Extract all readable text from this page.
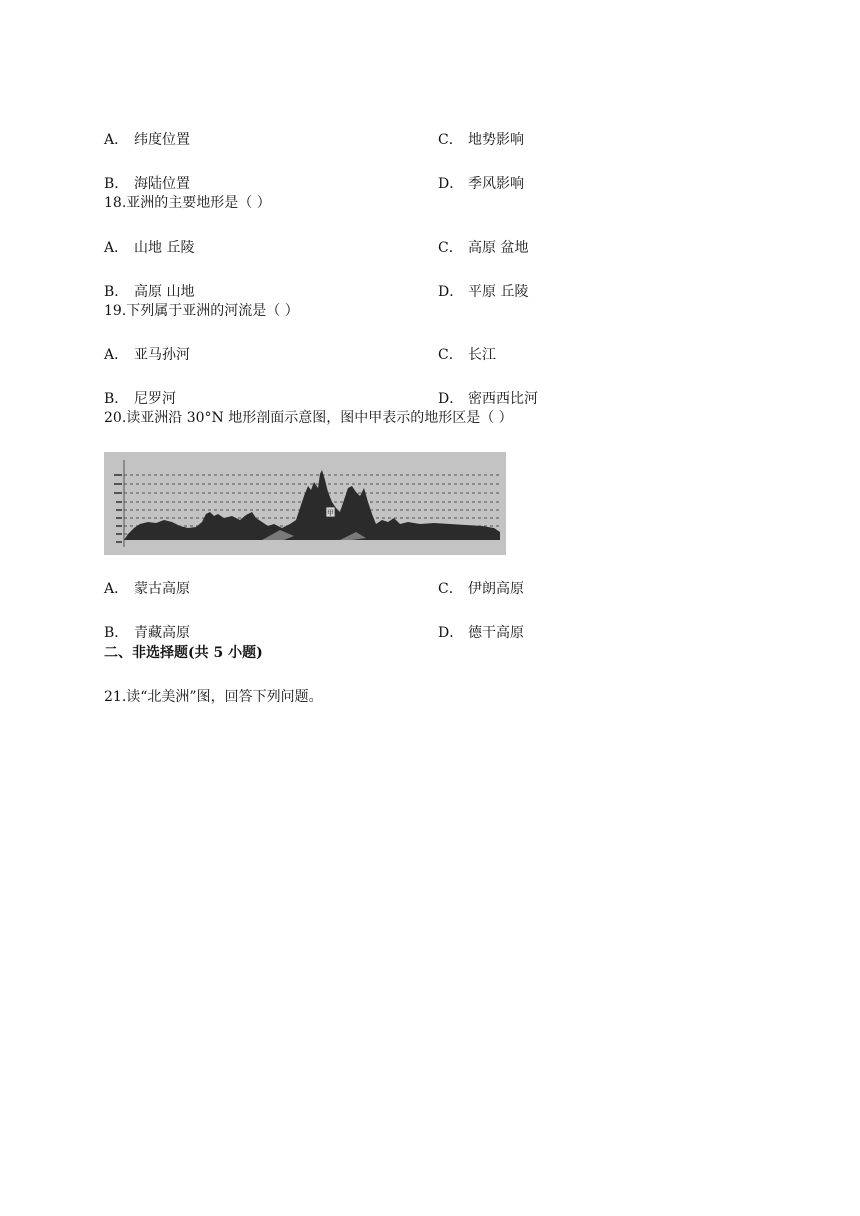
A． 纬度位置	C． 地势影响
B． 海陆位置	D． 季风影响
18.亚洲的主要地形是（ ）
A． 山地 丘陵	C． 高原 盆地
B． 高原 山地	D． 平原 丘陵
19.下列属于亚洲的河流是（ ）
A． 亚马孙河	C． 长江
B． 尼罗河	D． 密西西比河
20.读亚洲沿 30°N 地形剖面示意图，图中甲表示的地形区是（ ）
甲
A． 蒙古高原	C． 伊朗高原
B． 青藏高原	D． 德干高原
二、非选择题(共 5 小题)
21.读“北美洲”图，回答下列问题。
